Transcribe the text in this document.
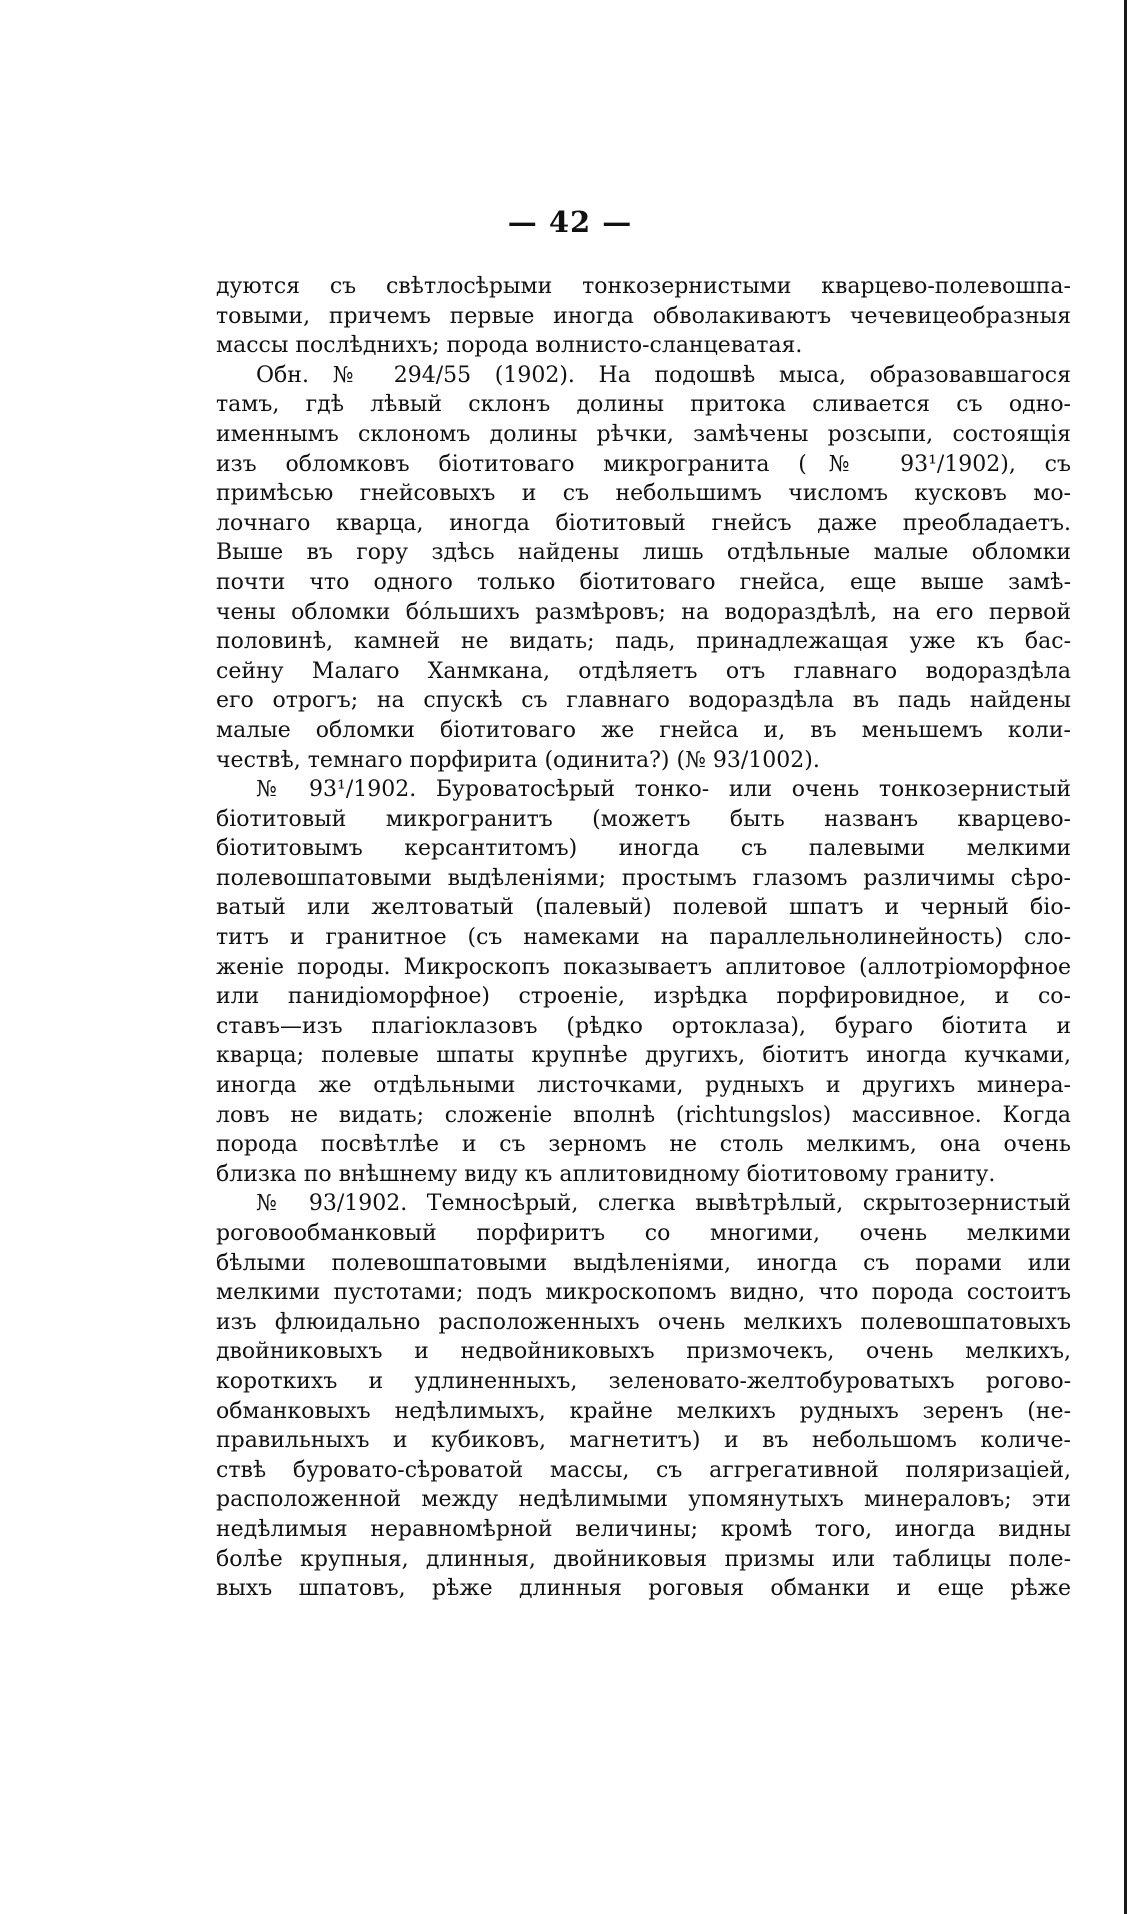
— 42 —
дуются съ свѣтлосѣрыми тонкозернистыми кварцево-полевошпа-
товыми, причемъ первые иногда обволакиваютъ чечевицеобразныя
массы послѣднихъ; порода волнисто-сланцеватая.
Обн. № 294/55 (1902). На подошвѣ мыса, образовавшагося
тамъ, гдѣ лѣвый склонъ долины притока сливается съ одно-
именнымъ склономъ долины рѣчки, замѣчены розсыпи, состоящія
изъ обломковъ біотитоваго микрогранита (№ 93¹/1902), съ
примѣсью гнейсовыхъ и съ небольшимъ числомъ кусковъ мо-
лочнаго кварца, иногда біотитовый гнейсъ даже преобладаетъ.
Выше въ гору здѣсь найдены лишь отдѣльные малые обломки
почти что одного только біотитоваго гнейса, еще выше замѣ-
чены обломки бóльшихъ размѣровъ; на водораздѣлѣ, на его первой
половинѣ, камней не видать; падь, принадлежащая уже къ бас-
сейну Малаго Ханмкана, отдѣляетъ отъ главнаго водораздѣла
его отрогъ; на спускѣ съ главнаго водораздѣла въ падь найдены
малые обломки біотитоваго же гнейса и, въ меньшемъ коли-
чествѣ, темнаго порфирита (одинита?) (№ 93/1002).
№ 93¹/1902. Буроватосѣрый тонко- или очень тонкозернистый
біотитовый микрогранитъ (можетъ быть названъ кварцево-
біотитовымъ керсантитомъ) иногда съ палевыми мелкими
полевошпатовыми выдѣленіями; простымъ глазомъ различимы сѣро-
ватый или желтоватый (палевый) полевой шпатъ и черный біо-
титъ и гранитное (съ намеками на параллельнолинейность) сло-
женіе породы. Микроскопъ показываетъ аплитовое (аллотріоморфное
или панидіоморфное) строеніе, изрѣдка порфировидное, и со-
ставъ—изъ плагіоклазовъ (рѣдко ортоклаза), бураго біотита и
кварца; полевые шпаты крупнѣе другихъ, біотитъ иногда кучками,
иногда же отдѣльными листочками, рудныхъ и другихъ минера-
ловъ не видать; сложеніе вполнѣ (richtungslos) массивное. Когда
порода посвѣтлѣе и съ зерномъ не столь мелкимъ, она очень
близка по внѣшнему виду къ аплитовидному біотитовому граниту.
№ 93/1902. Темносѣрый, слегка вывѣтрѣлый, скрытозернистый
роговообманковый порфиритъ со многими, очень мелкими
бѣлыми полевошпатовыми выдѣленіями, иногда съ порами или
мелкими пустотами; подъ микроскопомъ видно, что порода состоитъ
изъ флюидально расположенныхъ очень мелкихъ полевошпатовыхъ
двойниковыхъ и недвойниковыхъ призмочекъ, очень мелкихъ,
короткихъ и удлиненныхъ, зеленовато-желтобуроватыхъ рогово-
обманковыхъ недѣлимыхъ, крайне мелкихъ рудныхъ зеренъ (не-
правильныхъ и кубиковъ, магнетитъ) и въ небольшомъ количе-
ствѣ буровато-сѣроватой массы, съ аггрегативной поляризаціей,
расположенной между недѣлимыми упомянутыхъ минераловъ; эти
недѣлимыя неравномѣрной величины; кромѣ того, иногда видны
болѣе крупныя, длинныя, двойниковыя призмы или таблицы поле-
выхъ шпатовъ, рѣже длинныя роговыя обманки и еще рѣже
